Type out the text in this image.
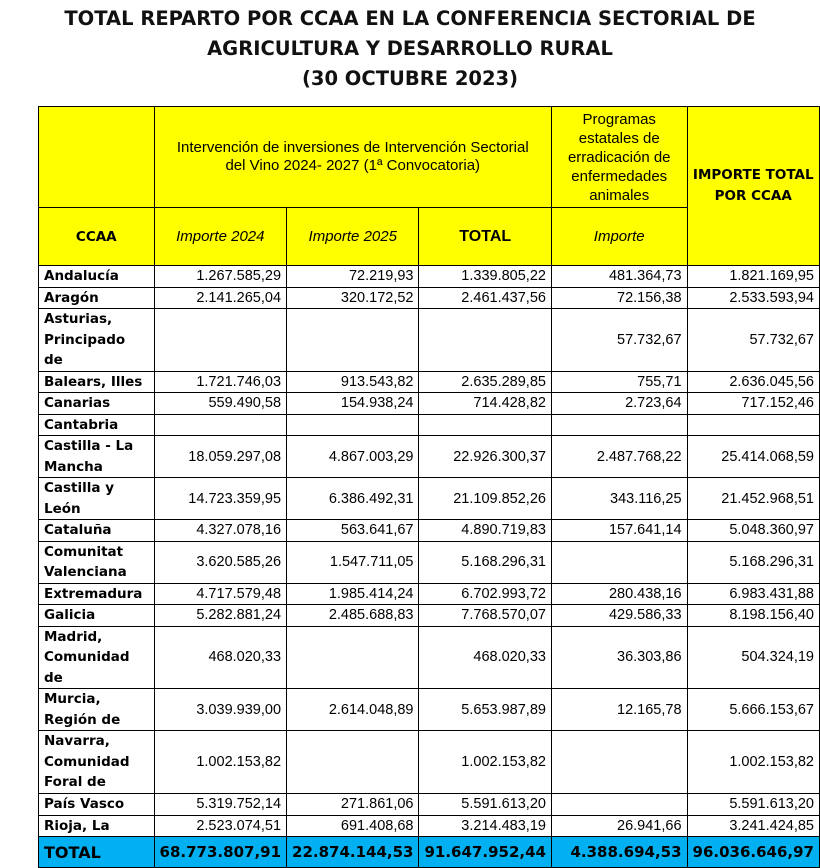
TOTAL REPARTO POR CCAA EN LA CONFERENCIA SECTORIAL DE
AGRICULTURA Y DESARROLLO RURAL
(30 OCTUBRE 2023)
	Intervención de inversiones de Intervención Sectorial del Vino 2024- 2027 (1ª Convocatoria)			Programas estatales de erradicación de enfermedades animales	IMPORTE TOTAL POR CCAA
CCAA	Importe 2024	Importe 2025	TOTAL	Importe	
Andalucía	1.267.585,29	72.219,93	1.339.805,22	481.364,73	1.821.169,95
Aragón	2.141.265,04	320.172,52	2.461.437,56	72.156,38	2.533.593,94
Asturias, Principado de				57.732,67	57.732,67
Balears, Illes	1.721.746,03	913.543,82	2.635.289,85	755,71	2.636.045,56
Canarias	559.490,58	154.938,24	714.428,82	2.723,64	717.152,46
Cantabria					
Castilla - La Mancha	18.059.297,08	4.867.003,29	22.926.300,37	2.487.768,22	25.414.068,59
Castilla y León	14.723.359,95	6.386.492,31	21.109.852,26	343.116,25	21.452.968,51
Cataluña	4.327.078,16	563.641,67	4.890.719,83	157.641,14	5.048.360,97
Comunitat Valenciana	3.620.585,26	1.547.711,05	5.168.296,31		5.168.296,31
Extremadura	4.717.579,48	1.985.414,24	6.702.993,72	280.438,16	6.983.431,88
Galicia	5.282.881,24	2.485.688,83	7.768.570,07	429.586,33	8.198.156,40
Madrid, Comunidad de	468.020,33		468.020,33	36.303,86	504.324,19
Murcia, Región de	3.039.939,00	2.614.048,89	5.653.987,89	12.165,78	5.666.153,67
Navarra, Comunidad Foral de	1.002.153,82		1.002.153,82		1.002.153,82
País Vasco	5.319.752,14	271.861,06	5.591.613,20		5.591.613,20
Rioja, La	2.523.074,51	691.408,68	3.214.483,19	26.941,66	3.241.424,85
TOTAL	68.773.807,91	22.874.144,53	91.647.952,44	4.388.694,53	96.036.646,97
